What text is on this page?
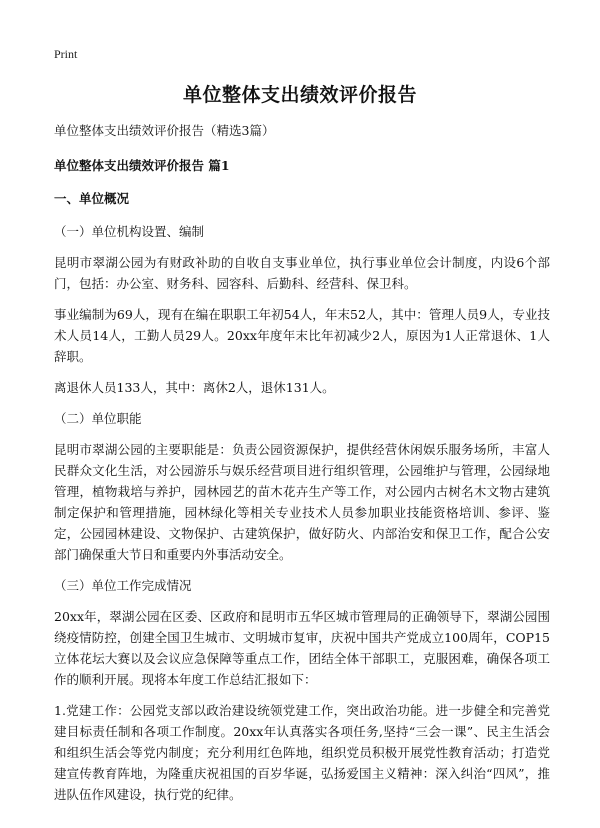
Print
单位整体支出绩效评价报告
单位整体支出绩效评价报告（精选3篇）
单位整体支出绩效评价报告 篇1
一、单位概况
（一）单位机构设置、编制

昆明市翠湖公园为有财政补助的自收自支事业单位，执行事业单位会计制度，内设6个部门，包括：办公室、财务科、园容科、后勤科、经营科、保卫科。

事业编制为69人，现有在编在职职工年初54人，年末52人，其中：管理人员9人，专业技术人员14人，工勤人员29人。20xx年度年末比年初减少2人，原因为1人正常退休、1人辞职。

离退休人员133人，其中：离休2人，退休131人。

（二）单位职能

昆明市翠湖公园的主要职能是：负责公园资源保护，提供经营休闲娱乐服务场所，丰富人民群众文化生活，对公园游乐与娱乐经营项目进行组织管理，公园维护与管理，公园绿地管理，植物栽培与养护，园林园艺的苗木花卉生产等工作，对公园内古树名木文物古建筑制定保护和管理措施，园林绿化等相关专业技术人员参加职业技能资格培训、参评、鉴定，公园园林建设、文物保护、古建筑保护，做好防火、内部治安和保卫工作，配合公安部门确保重大节日和重要内外事活动安全。

（三）单位工作完成情况

20xx年，翠湖公园在区委、区政府和昆明市五华区城市管理局的正确领导下，翠湖公园围绕疫情防控，创建全国卫生城市、文明城市复审，庆祝中国共产党成立100周年，COP15立体花坛大赛以及会议应急保障等重点工作，团结全体干部职工，克服困难，确保各项工作的顺利开展。现将本年度工作总结汇报如下：

1.党建工作：公园党支部以政治建设统领党建工作，突出政治功能。进一步健全和完善党建目标责任制和各项工作制度。20xx年认真落实各项任务,坚持“三会一课”、民主生活会和组织生活会等党内制度；充分利用红色阵地，组织党员积极开展党性教育活动；打造党建宣传教育阵地，为隆重庆祝祖国的百岁华诞，弘扬爱国主义精神：深入纠治“四风”，推进队伍作风建设，执行党的纪律。
